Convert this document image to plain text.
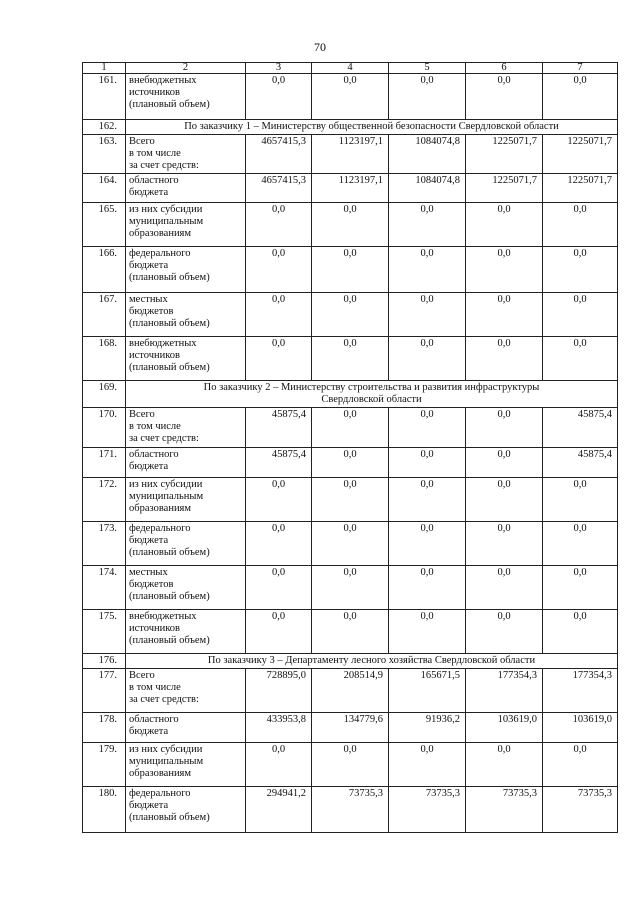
70
1	2	3	4	5	6	7
161.	внебюджетных
источников
(плановый объем)	0,0	0,0	0,0	0,0	0,0
162.	По заказчику 1 – Министерству общественной безопасности Свердловской области					

163.	Всего
в том числе
за счет средств:	4657415,3	1123197,1	1084074,8	1225071,7	1225071,7
164.	областного
бюджета	4657415,3	1123197,1	1084074,8	1225071,7	1225071,7
165.	из них субсидии
муниципальным
образованиям	0,0	0,0	0,0	0,0	0,0
166.	федерального
бюджета
(плановый объем)	0,0	0,0	0,0	0,0	0,0
167.	местных
бюджетов
(плановый объем)	0,0	0,0	0,0	0,0	0,0
168.	внебюджетных
источников
(плановый объем)	0,0	0,0	0,0	0,0	0,0
169.	По заказчику 2 – Министерству строительства и развития инфраструктуры
Свердловской области					

170.	Всего
в том числе
за счет средств:	45875,4	0,0	0,0	0,0	45875,4
171.	областного
бюджета	45875,4	0,0	0,0	0,0	45875,4
172.	из них субсидии
муниципальным
образованиям	0,0	0,0	0,0	0,0	0,0
173.	федерального
бюджета
(плановый объем)	0,0	0,0	0,0	0,0	0,0
174.	местных
бюджетов
(плановый объем)	0,0	0,0	0,0	0,0	0,0
175.	внебюджетных
источников
(плановый объем)	0,0	0,0	0,0	0,0	0,0
176.	По заказчику 3 – Департаменту лесного хозяйства Свердловской области					

177.	Всего
в том числе
за счет средств:	728895,0	208514,9	165671,5	177354,3	177354,3
178.	областного
бюджета	433953,8	134779,6	91936,2	103619,0	103619,0
179.	из них субсидии
муниципальным
образованиям	0,0	0,0	0,0	0,0	0,0
180.	федерального
бюджета
(плановый объем)	294941,2	73735,3	73735,3	73735,3	73735,3
